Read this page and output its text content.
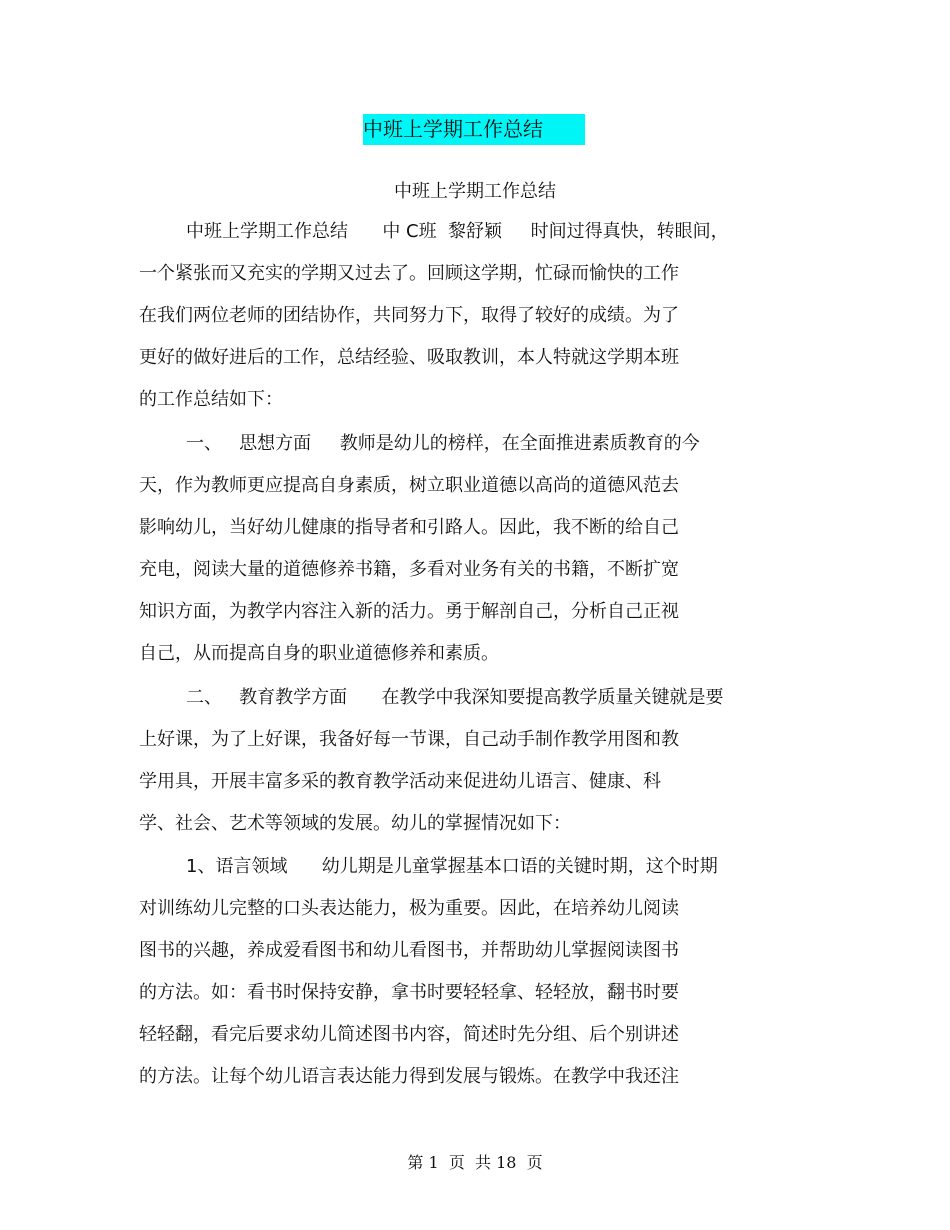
中班上学期工作总结
中班上学期工作总结
中班上学期工作总结      中 C班  黎舒颖     时间过得真快，转眼间，
一个紧张而又充实的学期又过去了。回顾这学期，忙碌而愉快的工作
在我们两位老师的团结协作，共同努力下，取得了较好的成绩。为了
更好的做好进后的工作，总结经验、吸取教训，本人特就这学期本班
的工作总结如下：
一、   思想方面     教师是幼儿的榜样，在全面推进素质教育的今
天，作为教师更应提高自身素质，树立职业道德以高尚的道德风范去
影响幼儿，当好幼儿健康的指导者和引路人。因此，我不断的给自己
充电，阅读大量的道德修养书籍，多看对业务有关的书籍，不断扩宽
知识方面，为教学内容注入新的活力。勇于解剖自己，分析自己正视
自己，从而提高自身的职业道德修养和素质。
二、   教育教学方面      在教学中我深知要提高教学质量关键就是要
上好课，为了上好课，我备好每一节课，自己动手制作教学用图和教
学用具，开展丰富多采的教育教学活动来促进幼儿语言、健康、科
学、社会、艺术等领域的发展。幼儿的掌握情况如下：
1、语言领域      幼儿期是儿童掌握基本口语的关键时期，这个时期
对训练幼儿完整的口头表达能力，极为重要。因此，在培养幼儿阅读
图书的兴趣，养成爱看图书和幼儿看图书，并帮助幼儿掌握阅读图书
的方法。如：看书时保持安静，拿书时要轻轻拿、轻轻放，翻书时要
轻轻翻，看完后要求幼儿简述图书内容，简述时先分组、后个别讲述
的方法。让每个幼儿语言表达能力得到发展与锻炼。在教学中我还注
第 1  页  共 18  页
